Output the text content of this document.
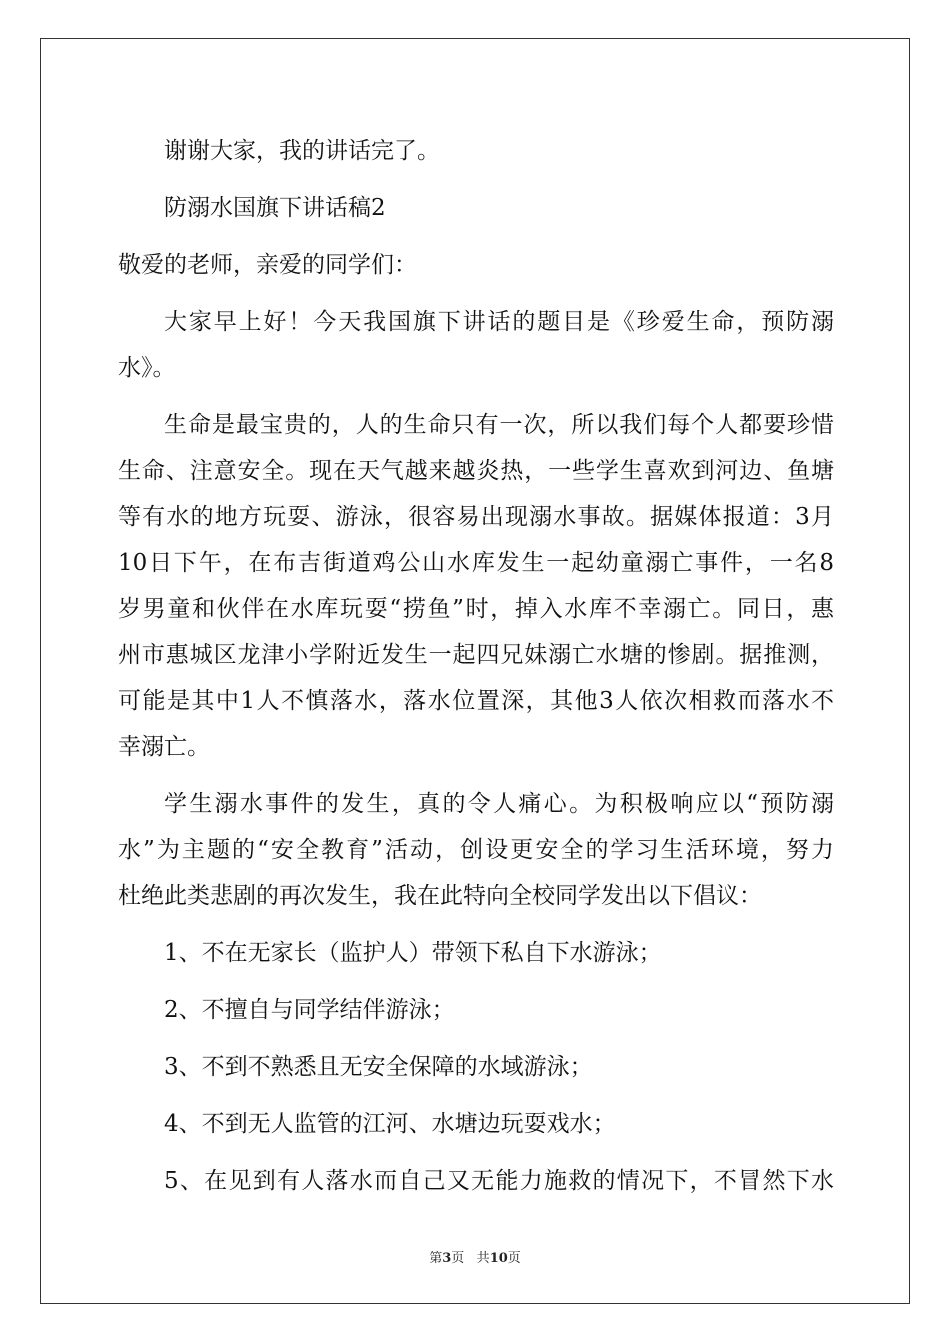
谢谢大家，我的讲话完了。
防溺水国旗下讲话稿2
敬爱的老师，亲爱的同学们：
大家早上好！今天我国旗下讲话的题目是《珍爱生命，预防溺
水》。
生命是最宝贵的，人的生命只有一次，所以我们每个人都要珍惜
生命、注意安全。现在天气越来越炎热，一些学生喜欢到河边、鱼塘
等有水的地方玩耍、游泳，很容易出现溺水事故。据媒体报道：3月
10日下午，在布吉街道鸡公山水库发生一起幼童溺亡事件，一名8
岁男童和伙伴在水库玩耍“捞鱼”时，掉入水库不幸溺亡。同日，惠
州市惠城区龙津小学附近发生一起四兄妹溺亡水塘的惨剧。据推测，
可能是其中1人不慎落水，落水位置深，其他3人依次相救而落水不
幸溺亡。
学生溺水事件的发生，真的令人痛心。为积极响应以“预防溺
水”为主题的“安全教育”活动，创设更安全的学习生活环境，努力
杜绝此类悲剧的再次发生，我在此特向全校同学发出以下倡议：
1、不在无家长（监护人）带领下私自下水游泳；
2、不擅自与同学结伴游泳；
3、不到不熟悉且无安全保障的水域游泳；
4、不到无人监管的江河、水塘边玩耍戏水；
5、在见到有人落水而自己又无能力施救的情况下，不冒然下水
第3页 共10页
